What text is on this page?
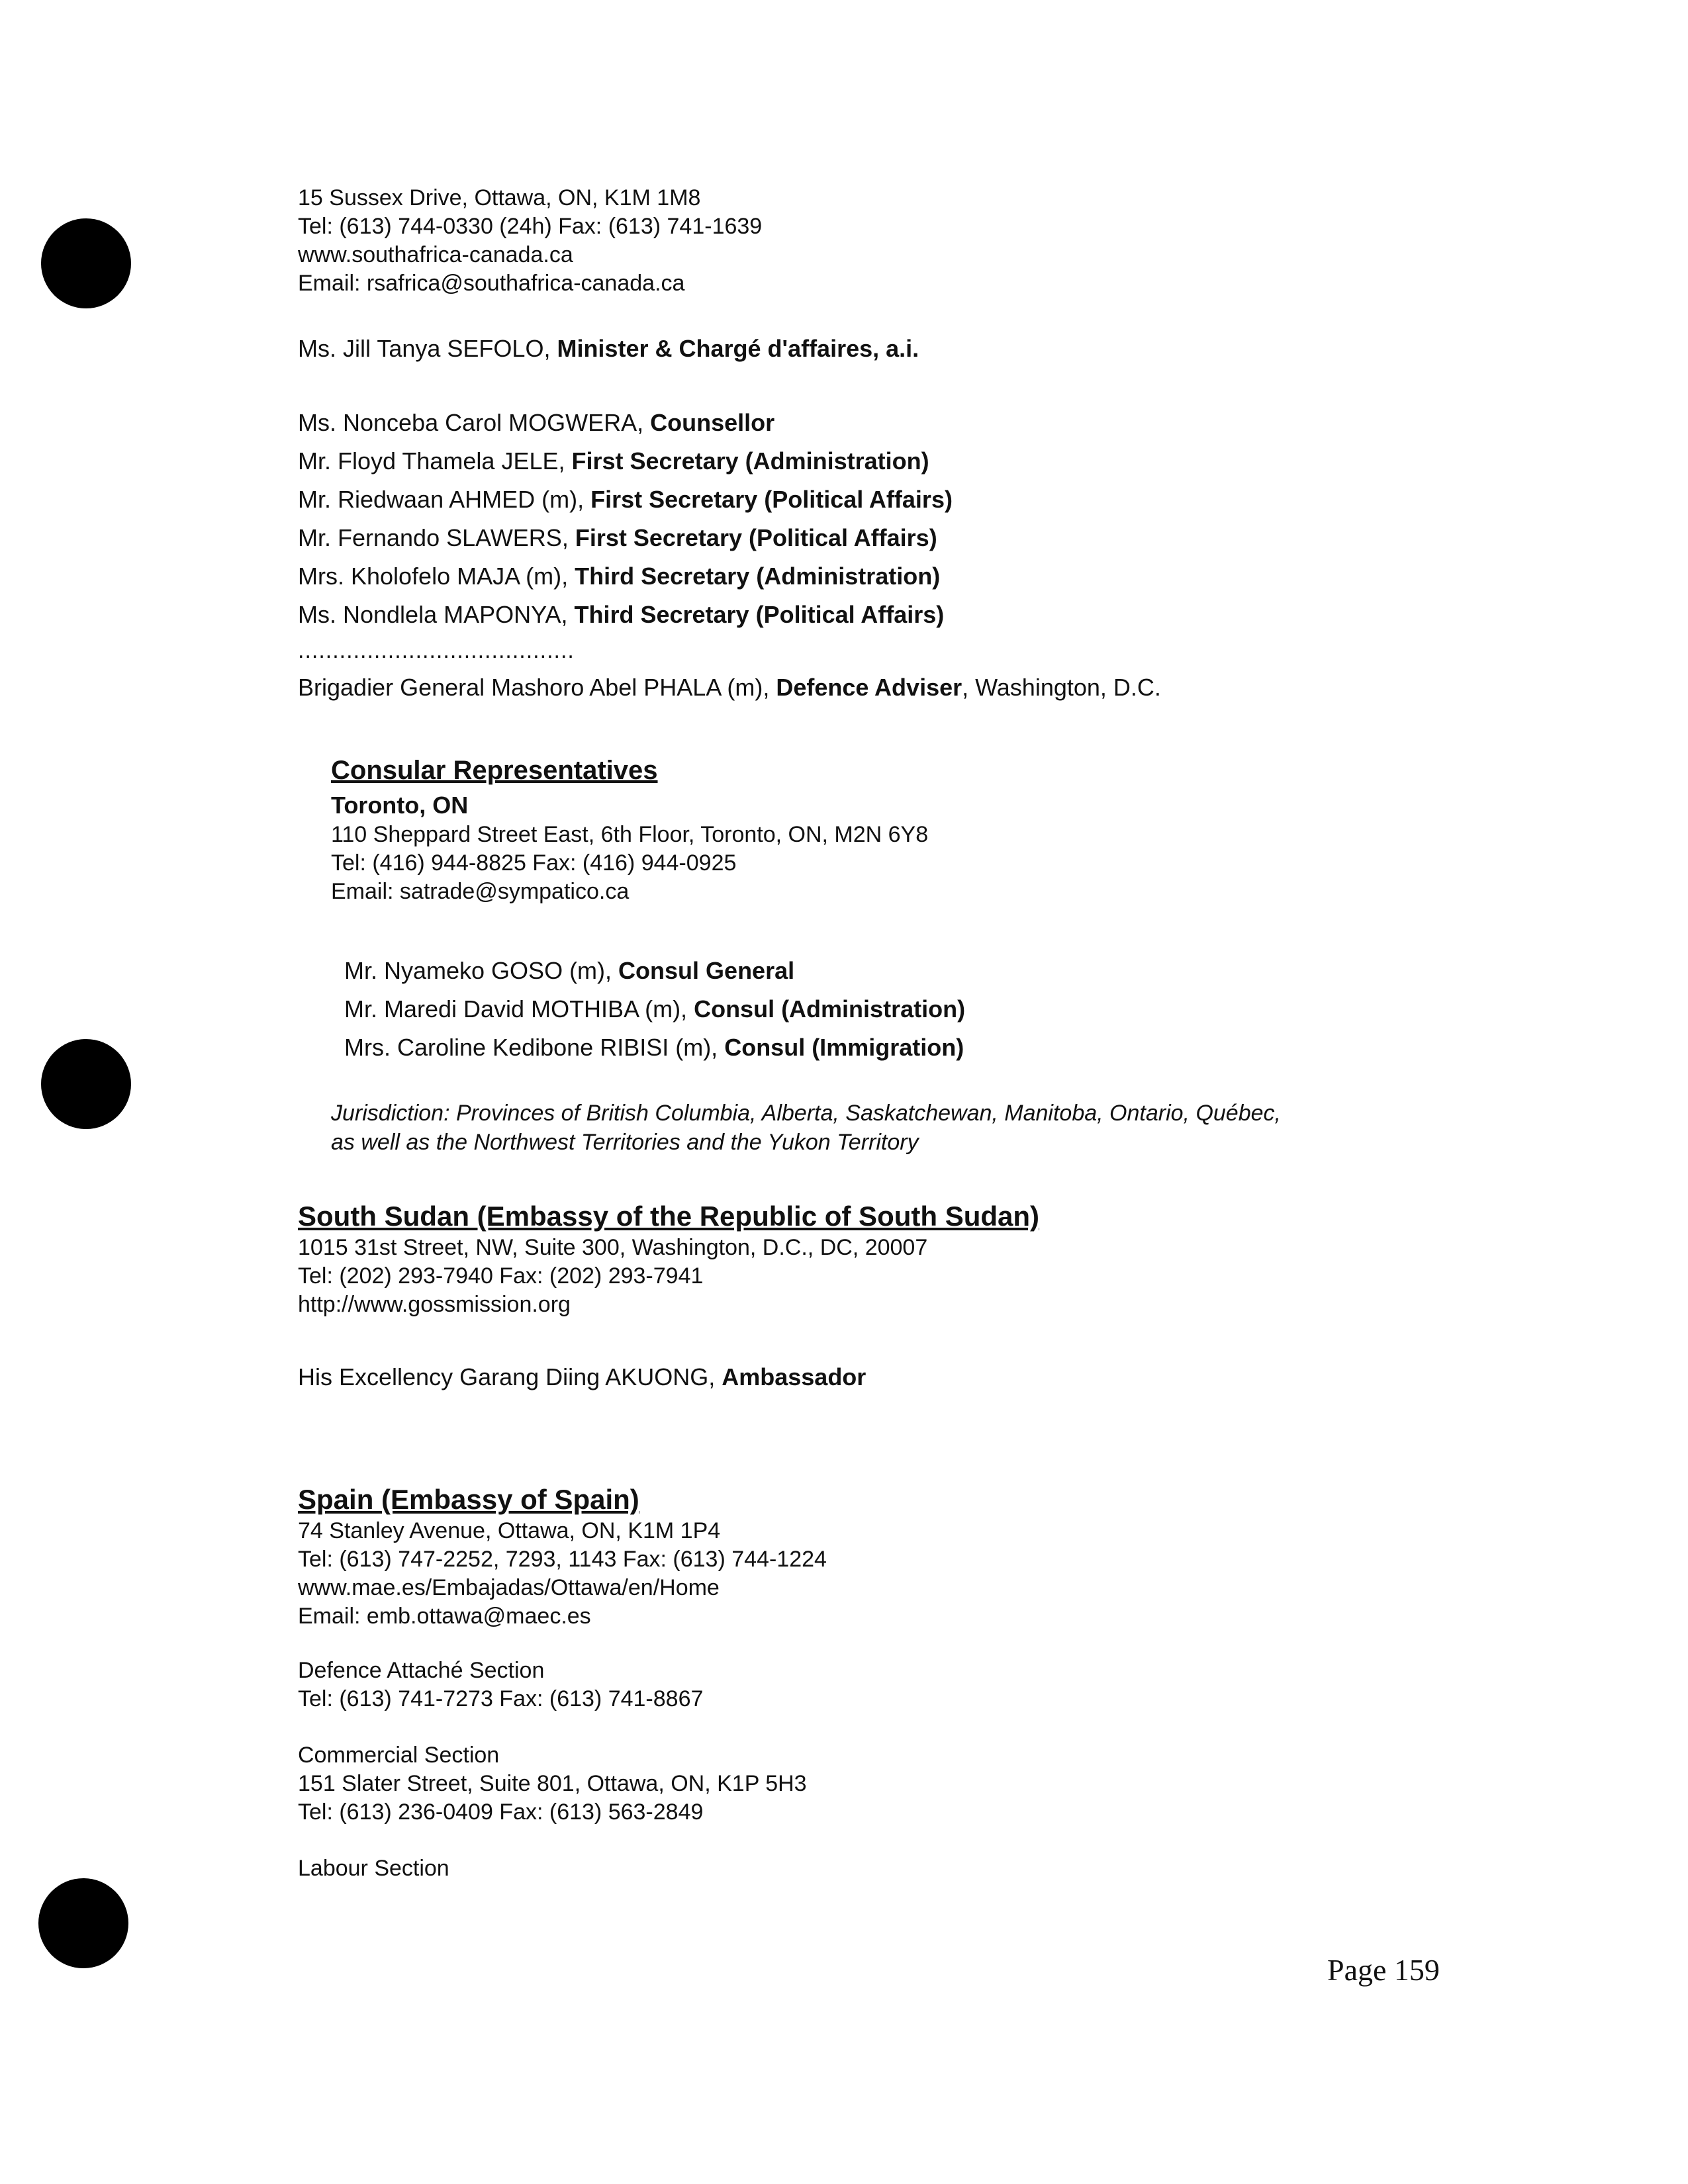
15 Sussex Drive, Ottawa, ON, K1M 1M8
Tel: (613) 744-0330 (24h) Fax: (613) 741-1639
www.southafrica-canada.ca
Email: rsafrica@southafrica-canada.ca
Ms. Jill Tanya SEFOLO, Minister & Chargé d'affaires, a.i.
Ms. Nonceba Carol MOGWERA, Counsellor
Mr. Floyd Thamela JELE, First Secretary (Administration)
Mr. Riedwaan AHMED (m), First Secretary (Political Affairs)
Mr. Fernando SLAWERS, First Secretary (Political Affairs)
Mrs. Kholofelo MAJA (m), Third Secretary (Administration)
Ms. Nondlela MAPONYA, Third Secretary (Political Affairs)
........................................
Brigadier General Mashoro Abel PHALA (m), Defence Adviser, Washington, D.C.
Consular Representatives
Toronto, ON
110 Sheppard Street East, 6th Floor, Toronto, ON, M2N 6Y8
Tel: (416) 944-8825 Fax: (416) 944-0925
Email: satrade@sympatico.ca
Mr. Nyameko GOSO (m), Consul General
Mr. Maredi David MOTHIBA (m), Consul (Administration)
Mrs. Caroline Kedibone RIBISI (m), Consul (Immigration)
Jurisdiction: Provinces of British Columbia, Alberta, Saskatchewan, Manitoba, Ontario, Québec,
as well as the Northwest Territories and the Yukon Territory
South Sudan (Embassy of the Republic of South Sudan)
1015 31st Street, NW, Suite 300, Washington, D.C., DC, 20007
Tel: (202) 293-7940 Fax: (202) 293-7941
http://www.gossmission.org
His Excellency Garang Diing AKUONG, Ambassador
Spain (Embassy of Spain)
74 Stanley Avenue, Ottawa, ON, K1M 1P4
Tel: (613) 747-2252, 7293, 1143 Fax: (613) 744-1224
www.mae.es/Embajadas/Ottawa/en/Home
Email: emb.ottawa@maec.es
Defence Attaché Section
Tel: (613) 741-7273 Fax: (613) 741-8867
Commercial Section
151 Slater Street, Suite 801, Ottawa, ON, K1P 5H3
Tel: (613) 236-0409 Fax: (613) 563-2849
Labour Section
Page 159
